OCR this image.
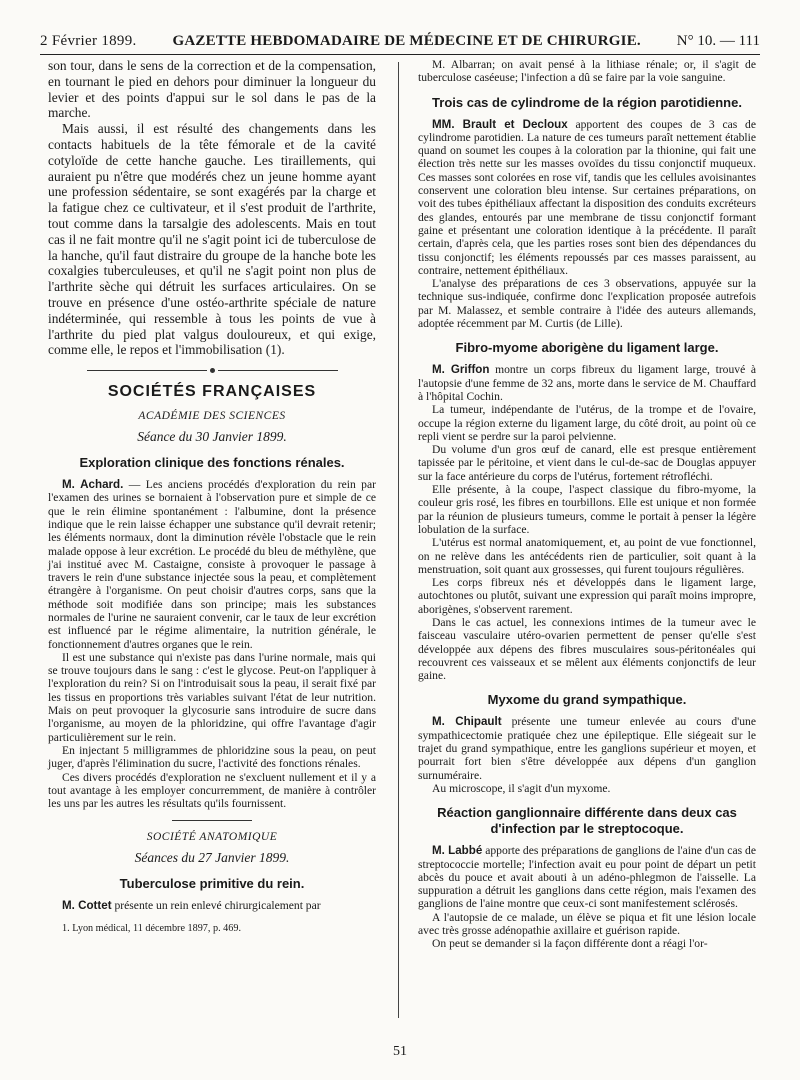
2 Février 1899. GAZETTE HEBDOMADAIRE DE MÉDECINE ET DE CHIRURGIE. N° 10. — 111

son tour, dans le sens de la correction et de la compensation, en tournant le pied en dehors pour diminuer la longueur du levier et des points d'appui sur le sol dans le pas de la marche.

Mais aussi, il est résulté des changements dans les contacts habituels de la tête fémorale et de la cavité cotyloïde de cette hanche gauche. Les tiraillements, qui auraient pu n'être que modérés chez un jeune homme ayant une profession sédentaire, se sont exagérés par la charge et la fatigue chez ce cultivateur, et il s'est produit de l'arthrite, tout comme dans la tarsalgie des adolescents. Mais en tout cas il ne fait montre qu'il ne s'agit point ici de tuberculose de la hanche, qu'il faut distraire du groupe de la hanche bote les coxalgies tuberculeuses, et qu'il ne s'agit point non plus de l'arthrite sèche qui détruit les surfaces articulaires. On se trouve en présence d'une ostéo-arthrite spéciale de nature indéterminée, qui ressemble à tous les points de vue à l'arthrite du pied plat valgus douloureux, et qui exige, comme elle, le repos et l'immobilisation (1).

SOCIÉTÉS FRANÇAISES
ACADÉMIE DES SCIENCES
Séance du 30 Janvier 1899.
Exploration clinique des fonctions rénales.

M. Achard. — Les anciens procédés d'exploration du rein par l'examen des urines se bornaient à l'observation pure et simple de ce que le rein élimine spontanément : l'albumine, dont la présence indique que le rein laisse échapper une substance qu'il devrait retenir; les éléments normaux, dont la diminution révèle l'obstacle que le rein malade oppose à leur excrétion. Le procédé du bleu de méthylène, que j'ai institué avec M. Castaigne, consiste à provoquer le passage à travers le rein d'une substance injectée sous la peau, et complètement étrangère à l'organisme. On peut choisir d'autres corps, sans que la méthode soit modifiée dans son principe; mais les substances normales de l'urine ne sauraient convenir, car le taux de leur excrétion est influencé par le régime alimentaire, la nutrition générale, le fonctionnement d'autres organes que le rein.

Il est une substance qui n'existe pas dans l'urine normale, mais qui se trouve toujours dans le sang : c'est le glycose. Peut-on l'appliquer à l'exploration du rein? Si on l'introduisait sous la peau, il serait fixé par les tissus en proportions très variables suivant l'état de leur nutrition. Mais on peut provoquer la glycosurie sans introduire de sucre dans l'organisme, au moyen de la phloridzine, qui offre l'avantage d'agir particulièrement sur le rein.

En injectant 5 milligrammes de phloridzine sous la peau, on peut juger, d'après l'élimination du sucre, l'activité des fonctions rénales.

Ces divers procédés d'exploration ne s'excluent nullement et il y a tout avantage à les employer concurremment, de manière à contrôler les uns par les autres les résultats qu'ils fournissent.

SOCIÉTÉ ANATOMIQUE
Séances du 27 Janvier 1899.
Tuberculose primitive du rein.

M. Cottet présente un rein enlevé chirurgicalement par

1. Lyon médical, 11 décembre 1897, p. 469.

M. Albarran; on avait pensé à la lithiase rénale; or, il s'agit de tuberculose caséeuse; l'infection a dû se faire par la voie sanguine.

Trois cas de cylindrome de la région parotidienne.

MM. Brault et Decloux apportent des coupes de 3 cas de cylindrome parotidien. La nature de ces tumeurs paraît nettement établie quand on soumet les coupes à la coloration par la thionine, qui fait une élection très nette sur les masses ovoïdes du tissu conjonctif muqueux. Ces masses sont colorées en rose vif, tandis que les cellules avoisinantes conservent une coloration bleu intense. Sur certaines préparations, on voit des tubes épithéliaux affectant la disposition des conduits excréteurs des glandes, entourés par une membrane de tissu conjonctif formant gaine et présentant une coloration identique à la précédente. Il paraît certain, d'après cela, que les parties roses sont bien des dépendances du tissu conjonctif; les éléments repoussés par ces masses paraissent, au contraire, nettement épithéliaux.

L'analyse des préparations de ces 3 observations, appuyée sur la technique sus-indiquée, confirme donc l'explication proposée autrefois par M. Malassez, et semble contraire à l'idée des auteurs allemands, adoptée récemment par M. Curtis (de Lille).

Fibro-myome aborigène du ligament large.

M. Griffon montre un corps fibreux du ligament large, trouvé à l'autopsie d'une femme de 32 ans, morte dans le service de M. Chauffard à l'hôpital Cochin.

La tumeur, indépendante de l'utérus, de la trompe et de l'ovaire, occupe la région externe du ligament large, du côté droit, au point où ce repli vient se perdre sur la paroi pelvienne.

Du volume d'un gros œuf de canard, elle est presque entièrement tapissée par le péritoine, et vient dans le cul-de-sac de Douglas appuyer sur la face antérieure du corps de l'utérus, fortement rétrofléchi.

Elle présente, à la coupe, l'aspect classique du fibro-myome, la couleur gris rosé, les fibres en tourbillons. Elle est unique et non formée par la réunion de plusieurs tumeurs, comme le portait à penser la légère lobulation de la surface.

L'utérus est normal anatomiquement, et, au point de vue fonctionnel, on ne relève dans les antécédents rien de particulier, soit quant à la menstruation, soit quant aux grossesses, qui furent toujours régulières.

Les corps fibreux nés et développés dans le ligament large, autochtones ou plutôt, suivant une expression qui paraît moins impropre, aborigènes, s'observent rarement.

Dans le cas actuel, les connexions intimes de la tumeur avec le faisceau vasculaire utéro-ovarien permettent de penser qu'elle s'est développée aux dépens des fibres musculaires sous-péritonéales qui recouvrent ces vaisseaux et se mêlent aux éléments conjonctifs de leur gaine.

Myxome du grand sympathique.

M. Chipault présente une tumeur enlevée au cours d'une sympathicectomie pratiquée chez une épileptique. Elle siégeait sur le trajet du grand sympathique, entre les ganglions supérieur et moyen, et pourrait fort bien s'être développée aux dépens d'un ganglion surnuméraire.

Au microscope, il s'agit d'un myxome.

Réaction ganglionnaire différente dans deux cas d'infection par le streptocoque.

M. Labbé apporte des préparations de ganglions de l'aine d'un cas de streptococcie mortelle; l'infection avait eu pour point de départ un petit abcès du pouce et avait abouti à un adéno-phlegmon de l'aisselle. La suppuration a détruit les ganglions dans cette région, mais l'examen des ganglions de l'aine montre que ceux-ci sont manifestement sclérosés.

A l'autopsie de ce malade, un élève se piqua et fit une lésion locale avec très grosse adénopathie axillaire et guérison rapide.

On peut se demander si la façon différente dont a réagi l'or-

51
